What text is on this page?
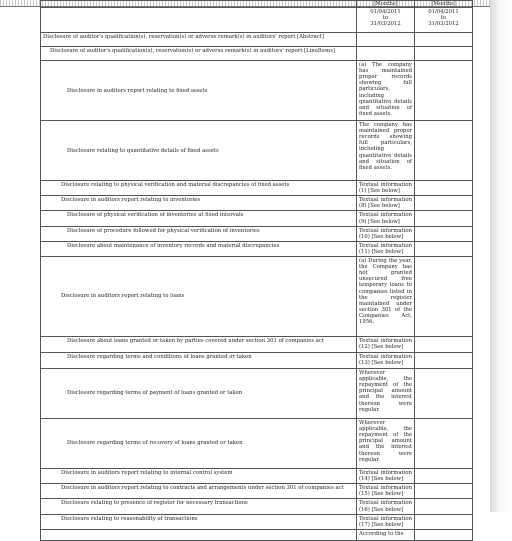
	[Months]	[Months]

	01/04/2011
to
31/03/2012	01/04/2011
to
31/03/2012

Disclosure of auditor's qualification(s), reservation(s) or adverse remark(s) in auditors' report [Abstract]		
Disclosure of auditor's qualification(s), reservation(s) or adverse remark(s) in auditors' report [LineItems]		
Disclosure in auditors report relating to fixed assets	(a) The company has maintained proper records showing full particulars, including quantitative details and situation of fixed assets.	
Disclosure relating to quantitative details of fixed assets	The company has maintained proper records showing full particulars, including quantitative details and situation of fixed assets.	
Disclosure relating to physical verification and material discrepancies of fixed assets	Textual information (1) [See below]	
Disclosure in auditors report relating to inventories	Textual information (8) [See below]	
Disclosure of physical verification of inventories at fixed intervals	Textual information (9) [See below]	
Disclosure of procedure followed for physical verification of inventories	Textual information (10) [See below]	
Disclosure about maintenance of inventory records and material discrepancies	Textual information (11) [See below]	
Disclosure in auditors report relating to loans	(a) During the year, the Company has not granted unsecured free temporary loans to companies listed in the register maintained under section 301 of the Companies Act, 1956.	
Disclosure about loans granted or taken by parties covered under section 301 of companies act	Textual information (12) [See below]	
Disclosure regarding terms and conditions of loans granted or taken	Textual information (13) [See below]	
Disclosure regarding terms of payment of loans granted or taken	Wherever applicable, the repayment of the principal amount and the interest thereon were regular.	
Disclosure regarding terms of recovery of loans granted or taken	Wherever applicable, the repayment of the principal amount and the interest thereon were regular.	
Disclosure in auditors report relating to internal control system	Textual information (14) [See below]	
Disclosure in auditors report relating to contracts and arrangements under section 301 of companies act	Textual information (15) [See below]	
Disclosure relating to presence of register for necessary transactions	Textual information (16) [See below]	
Disclosure relating to reasonability of transactions	Textual information (17) [See below]	
	According to the	
